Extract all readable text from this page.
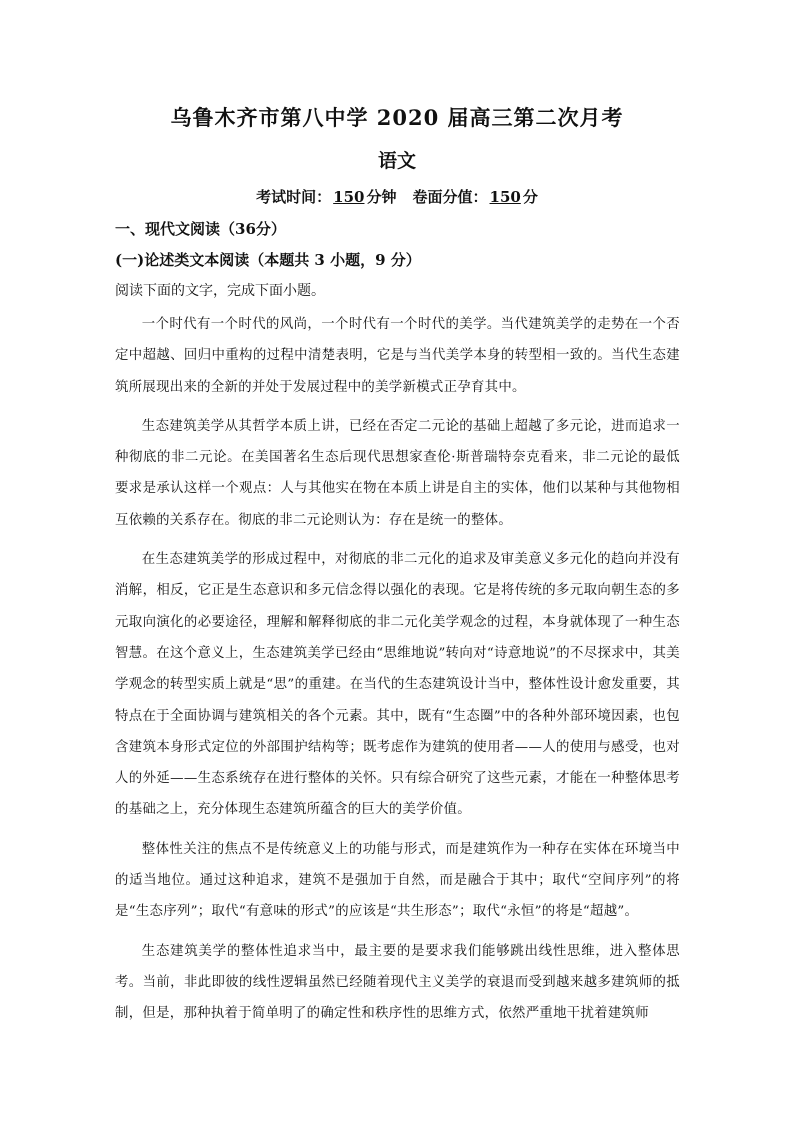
乌鲁木齐市第八中学 2020 届高三第二次月考
语文
考试时间： 150 分钟 卷面分值： 150 分
一、现代文阅读（36分）
(一)论述类文本阅读（本题共 3 小题，9 分）

阅读下面的文字，完成下面小题。

一个时代有一个时代的风尚，一个时代有一个时代的美学。当代建筑美学的走势在一个否定中超越、回归中重构的过程中清楚表明，它是与当代美学本身的转型相一致的。当代生态建筑所展现出来的全新的并处于发展过程中的美学新模式正孕育其中。

生态建筑美学从其哲学本质上讲，已经在否定二元论的基础上超越了多元论，进而追求一种彻底的非二元论。在美国著名生态后现代思想家查伦·斯普瑞特奈克看来，非二元论的最低要求是承认这样一个观点：人与其他实在物在本质上讲是自主的实体，他们以某种与其他物相互依赖的关系存在。彻底的非二元论则认为：存在是统一的整体。

在生态建筑美学的形成过程中，对彻底的非二元化的追求及审美意义多元化的趋向并没有消解，相反，它正是生态意识和多元信念得以强化的表现。它是将传统的多元取向朝生态的多元取向演化的必要途径，理解和解释彻底的非二元化美学观念的过程，本身就体现了一种生态智慧。在这个意义上，生态建筑美学已经由“思维地说”转向对“诗意地说”的不尽探求中，其美学观念的转型实质上就是“思”的重建。在当代的生态建筑设计当中，整体性设计愈发重要，其特点在于全面协调与建筑相关的各个元素。其中，既有“生态圈”中的各种外部环境因素，也包含建筑本身形式定位的外部围护结构等；既考虑作为建筑的使用者——人的使用与感受，也对人的外延——生态系统存在进行整体的关怀。只有综合研究了这些元素，才能在一种整体思考的基础之上，充分体现生态建筑所蕴含的巨大的美学价值。

整体性关注的焦点不是传统意义上的功能与形式，而是建筑作为一种存在实体在环境当中的适当地位。通过这种追求，建筑不是强加于自然，而是融合于其中；取代“空间序列”的将是“生态序列”；取代“有意味的形式”的应该是“共生形态”；取代“永恒”的将是“超越”。

生态建筑美学的整体性追求当中，最主要的是要求我们能够跳出线性思维，进入整体思考。当前，非此即彼的线性逻辑虽然已经随着现代主义美学的衰退而受到越来越多建筑师的抵制，但是，那种执着于简单明了的确定性和秩序性的思维方式，依然严重地干扰着建筑师
